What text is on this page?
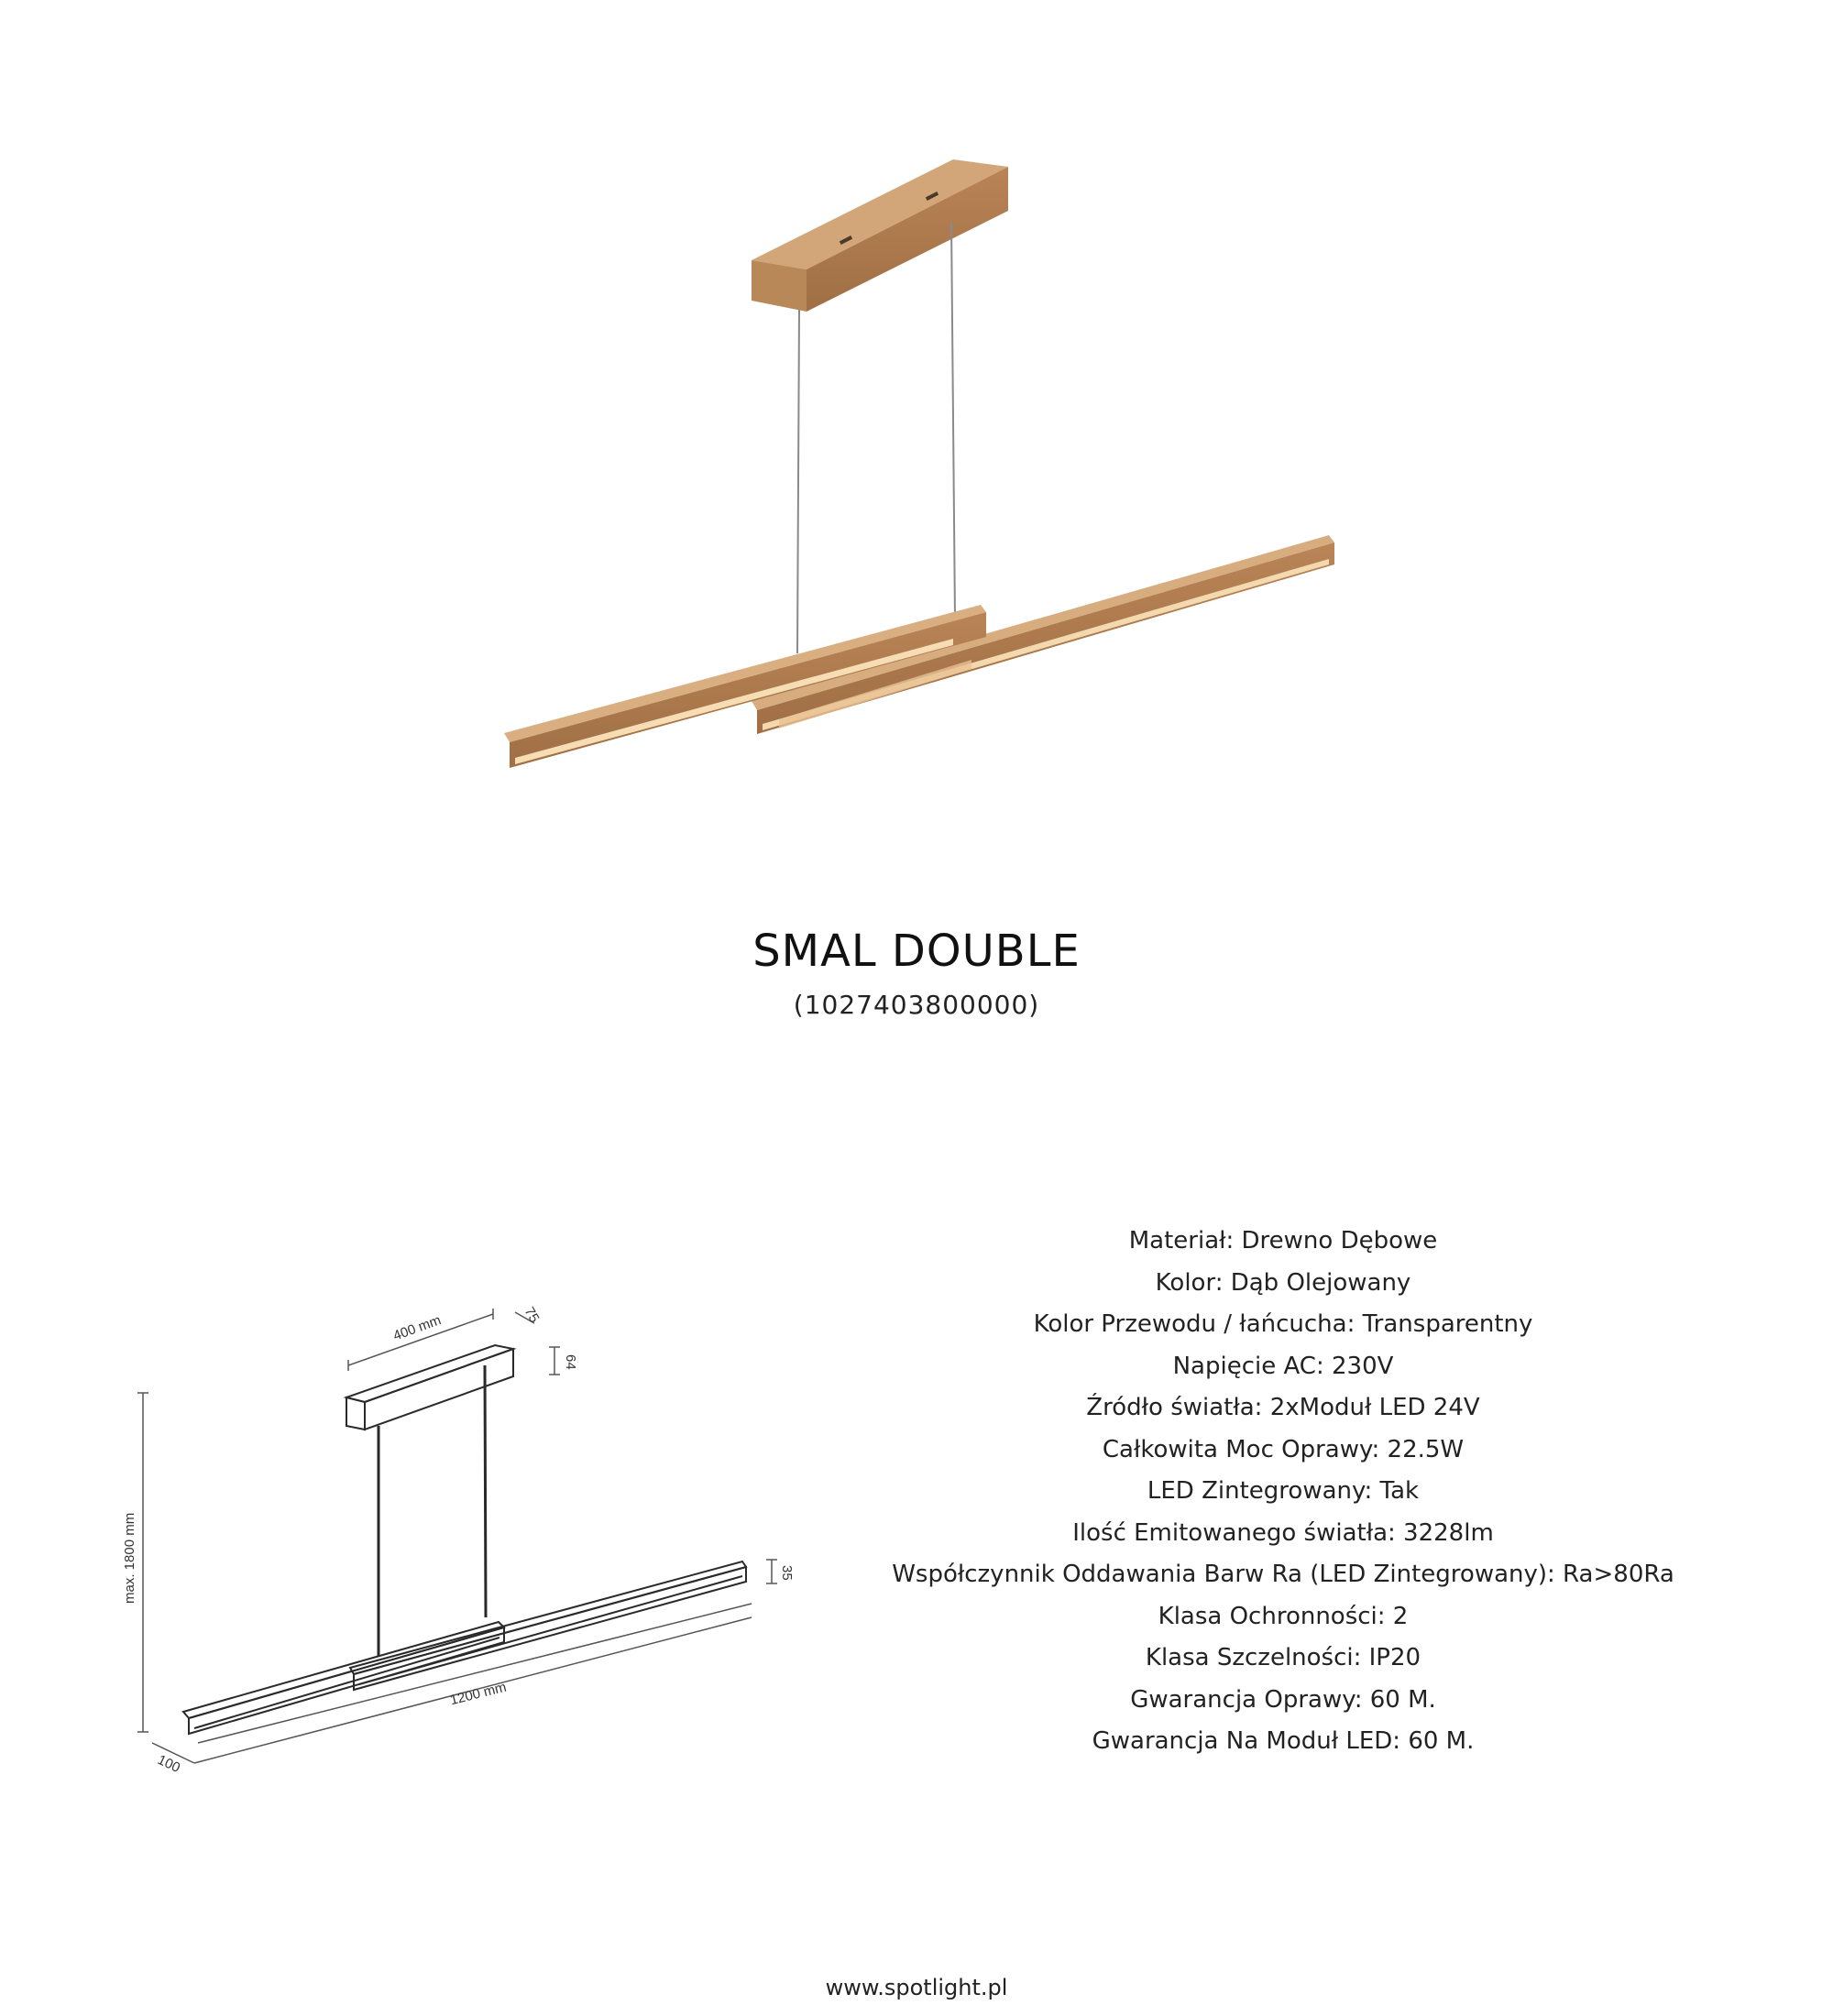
SMAL DOUBLE
(1027403800000)
400 mm	75
64
max. 1800 mm	35
1200 mm
100
Materiał: Drewno Dębowe
Kolor: Dąb Olejowany
Kolor Przewodu / łańcucha: Transparentny
Napięcie AC: 230V
Źródło światła: 2xModuł LED 24V
Całkowita Moc Oprawy: 22.5W
LED Zintegrowany: Tak
Ilość Emitowanego światła: 3228lm
Współczynnik Oddawania Barw Ra (LED Zintegrowany): Ra>80Ra
Klasa Ochronności: 2
Klasa Szczelności: IP20
Gwarancja Oprawy: 60 M.
Gwarancja Na Moduł LED: 60 M.
www.spotlight.pl
